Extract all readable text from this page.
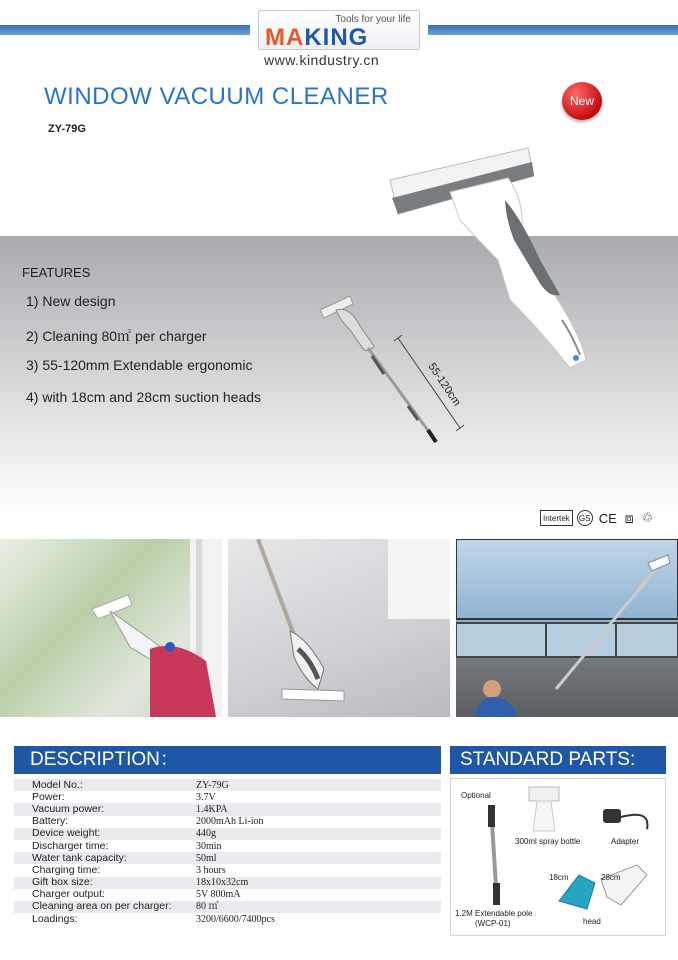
Tools for your life
MAKING
www.kindustry.cn
WINDOW VACUUM CLEANER
ZY-79G
New
FEATURES
1) New design
2) Cleaning 80㎡ per charger
3) 55-120mm Extendable ergonomic
4) with 18cm and 28cm suction heads	55-120cm
Intertek	GS CE ⧈ ♲
DESCRIPTION：
Model No.:	ZY-79G
Power:	3.7V
Vacuum power:	1.4KPA
Battery:	2000mAh Li-ion
Device weight:	440g
Discharger time:	30min
Water tank capacity:	50ml
Charging time:	3 hours
Gift box size:	18x10x32cm
Charger output:	5V 800mA
Cleaning area on per charger:	80 ㎡
Loadings:	3200/6600/7400pcs
STANDARD PARTS:
Optional
300ml spray bottle	Adapter
18cm	28cm
1.2M Extendable pole
(WCP-01)	head
